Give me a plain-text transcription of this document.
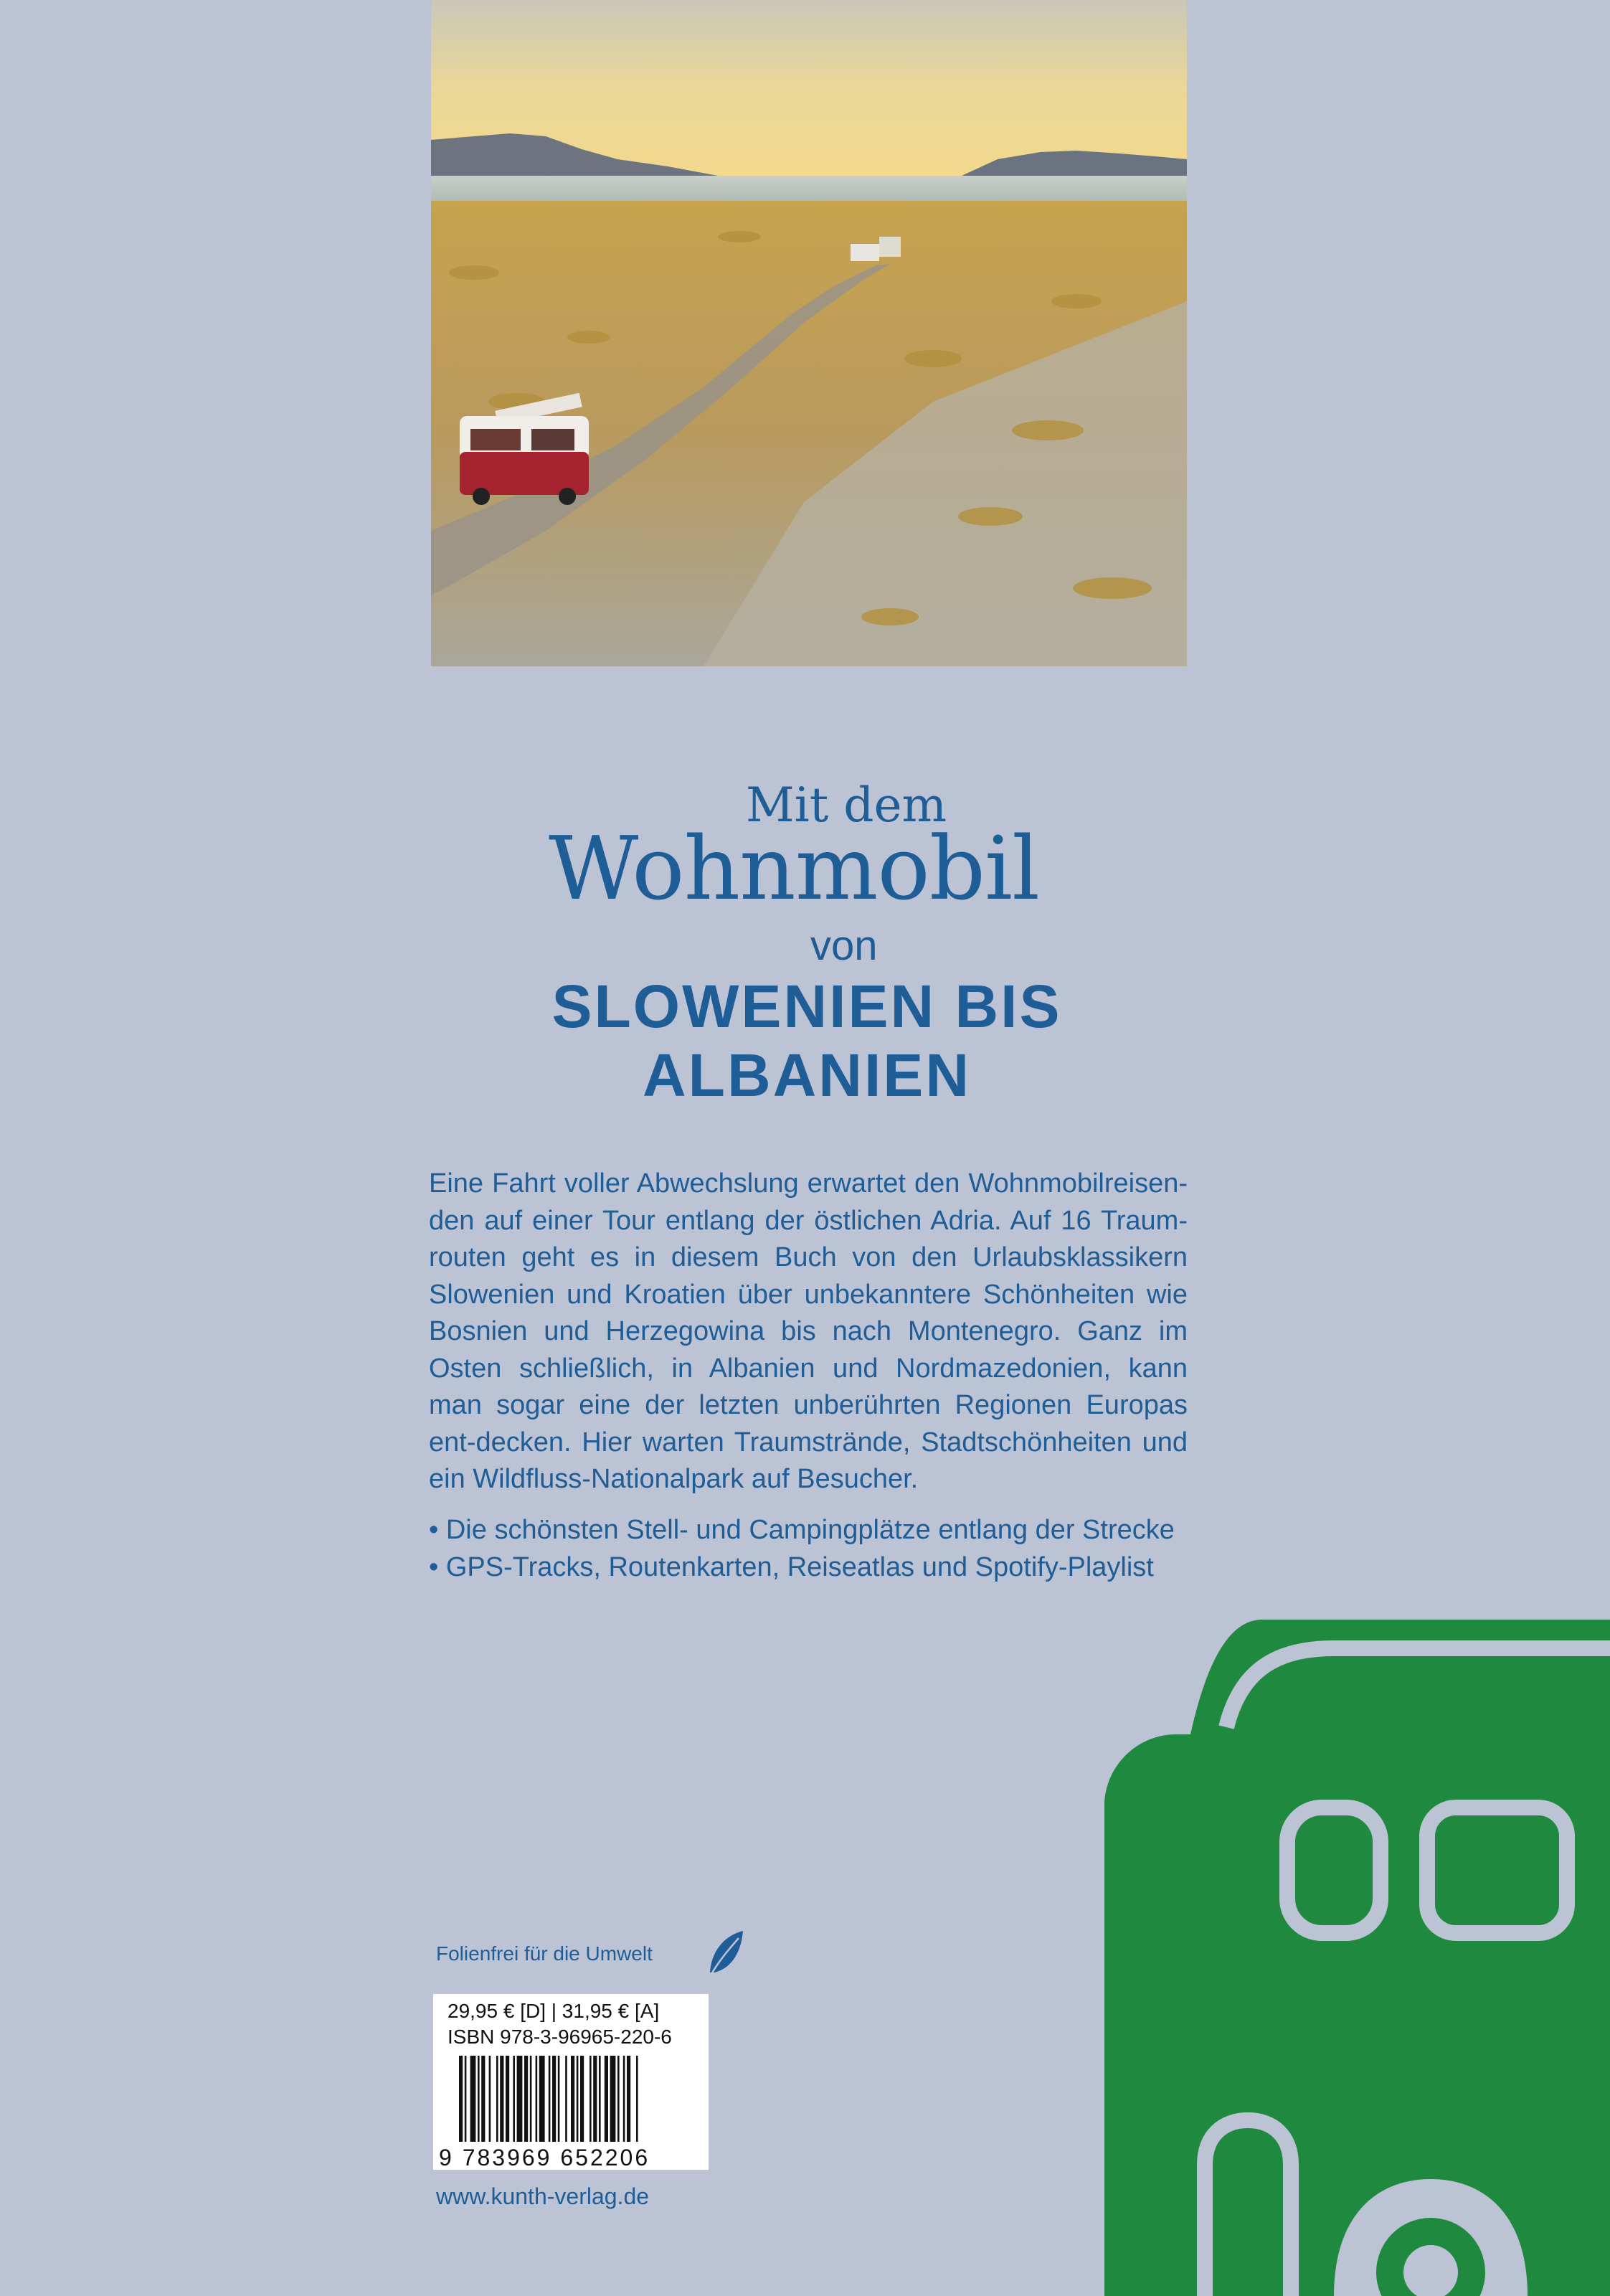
Mit dem
Wohnmobil
von
SLOWENIEN BIS
ALBANIEN
Eine Fahrt voller Abwechslung erwartet den Wohnmobilreisen-den auf einer Tour entlang der östlichen Adria. Auf 16 Traum-routen geht es in diesem Buch von den Urlaubsklassikern Slowenien und Kroatien über unbekanntere Schönheiten wie Bosnien und Herzegowina bis nach Montenegro. Ganz im Osten schließlich, in Albanien und Nordmazedonien, kann man sogar eine der letzten unberührten Regionen Europas ent-decken. Hier warten Traumstrände, Stadtschönheiten und ein Wildfluss-Nationalpark auf Besucher.
• Die schönsten Stell- und Campingplätze entlang der Strecke
• GPS-Tracks, Routenkarten, Reiseatlas und Spotify-Playlist
Folienfrei für die Umwelt
29,95 € [D] | 31,95 € [A]
ISBN 978-3-96965-220-6
9 783969 652206
www.kunth-verlag.de
